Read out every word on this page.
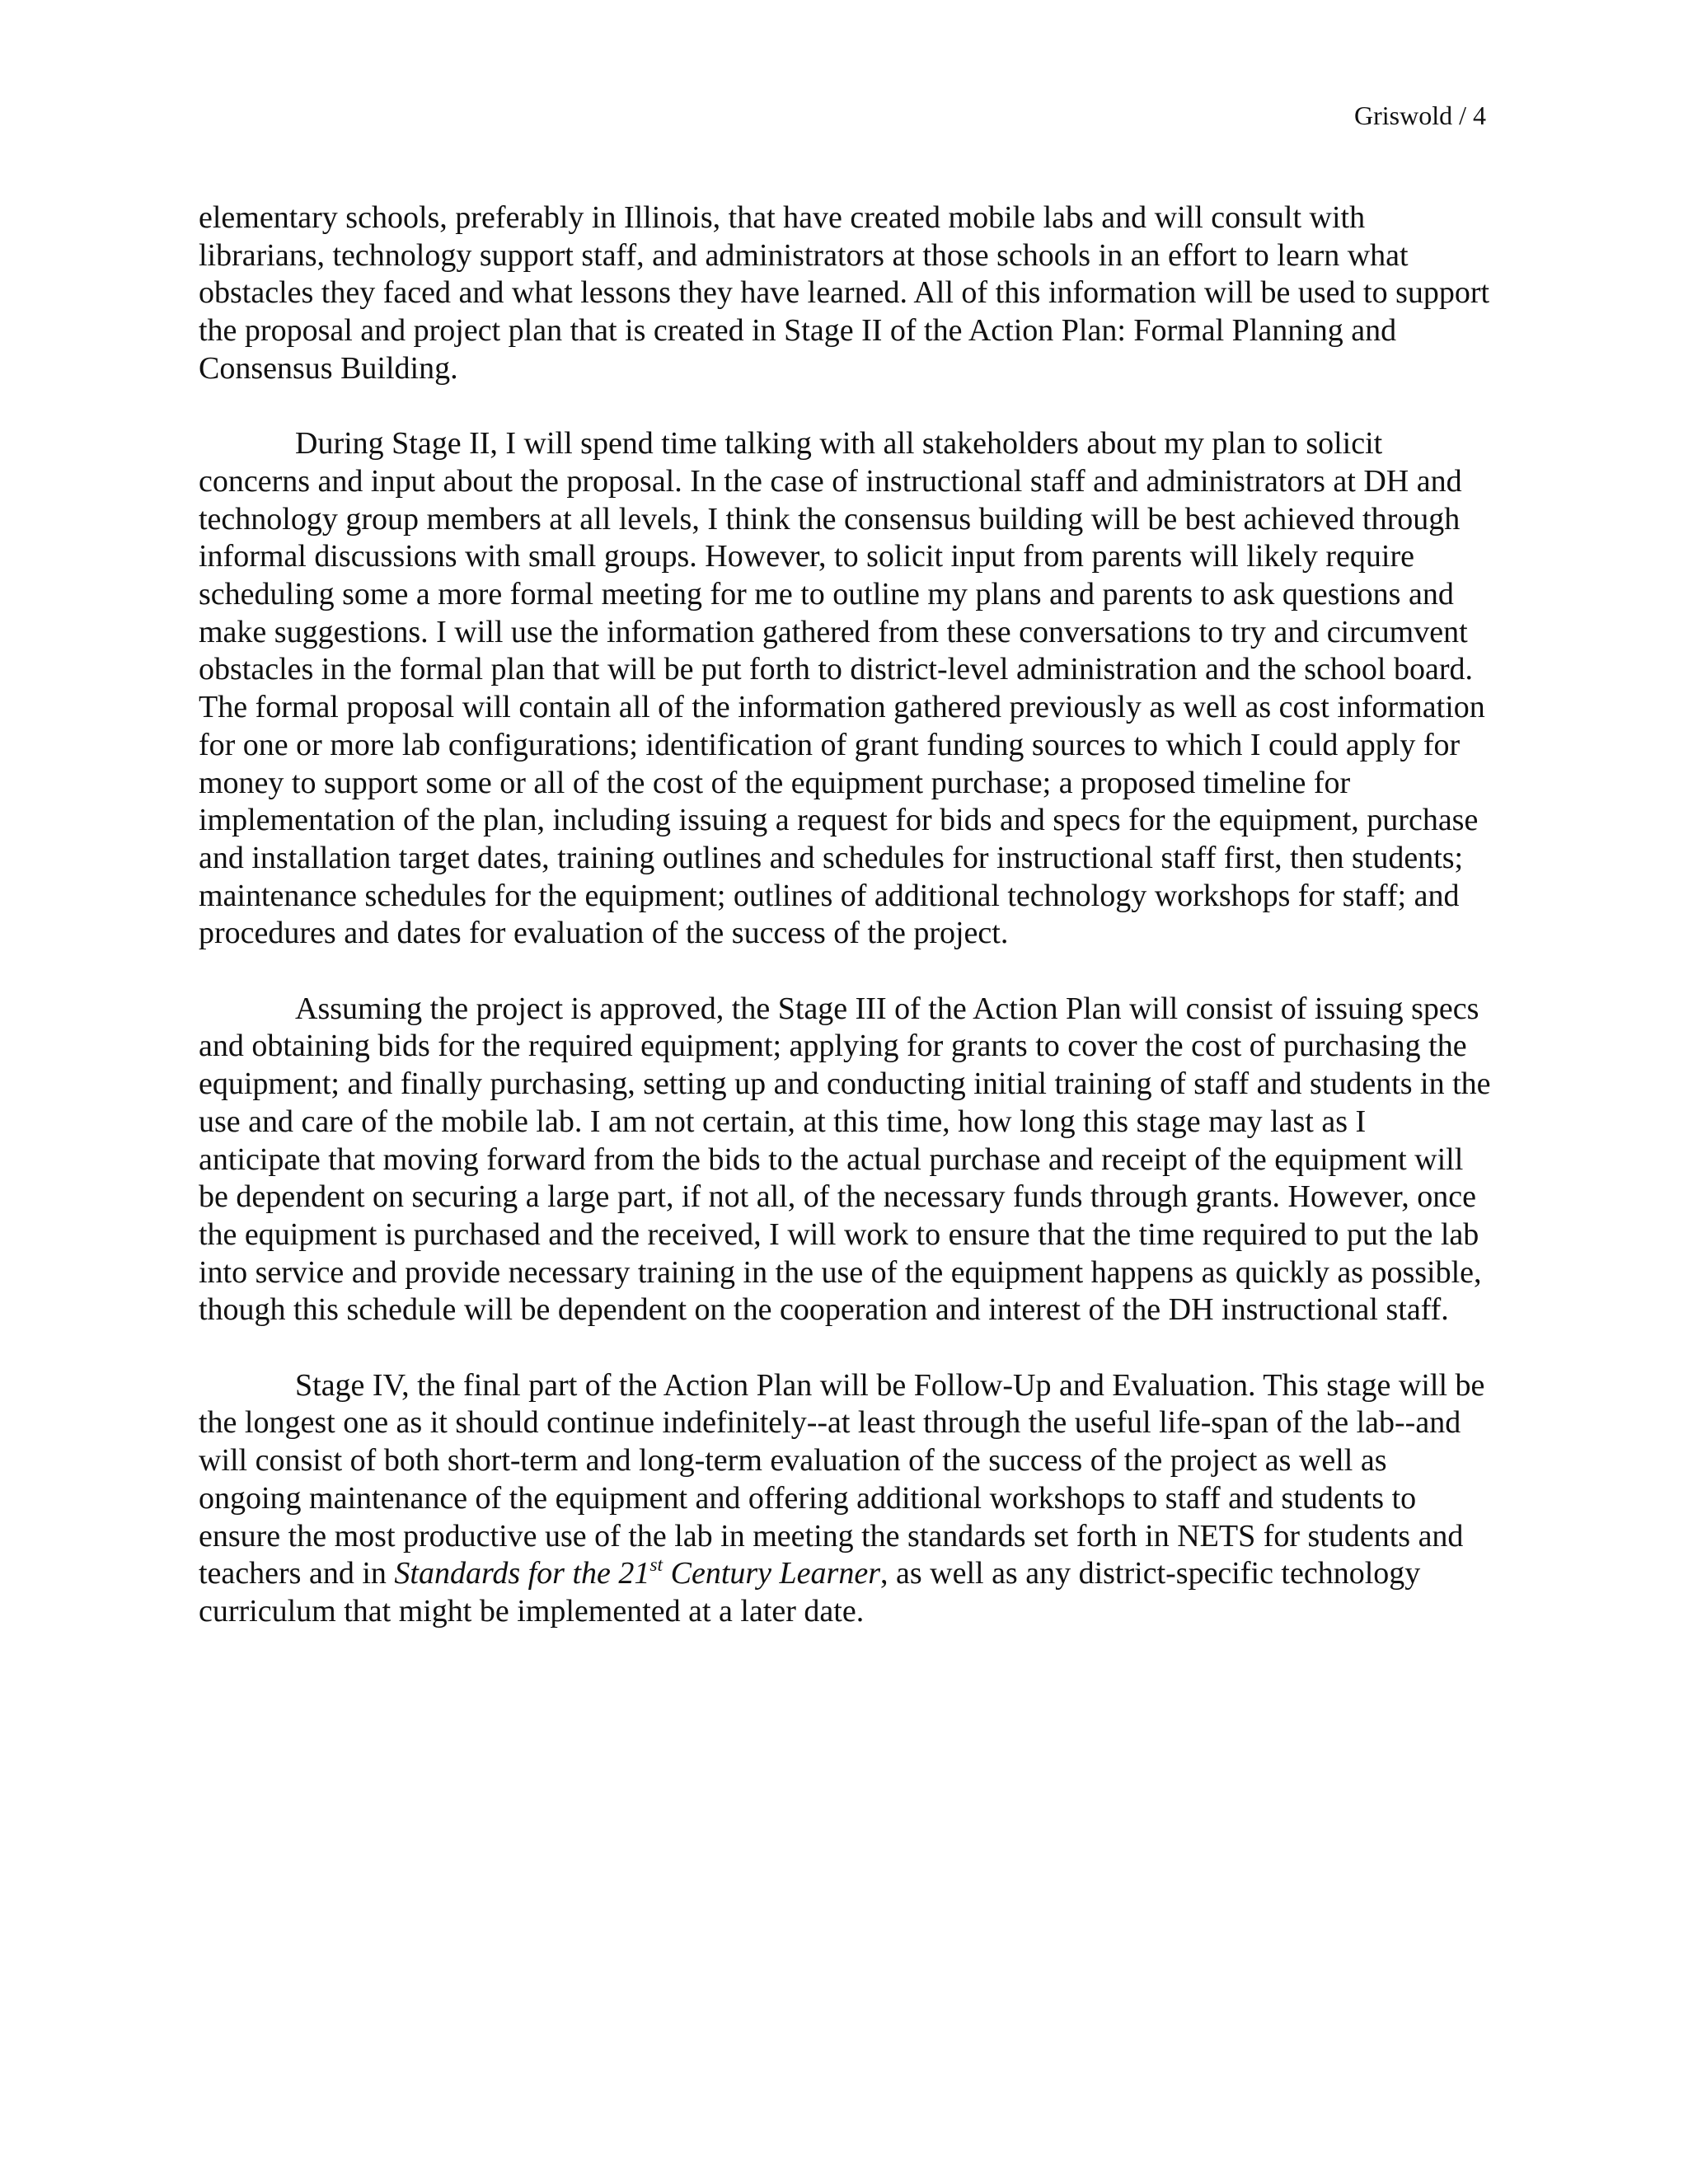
Griswold / 4

elementary schools, preferably in Illinois, that have created mobile labs and will consult with librarians, technology support staff, and administrators at those schools in an effort to learn what obstacles they faced and what lessons they have learned. All of this information will be used to support the proposal and project plan that is created in Stage II of the Action Plan: Formal Planning and Consensus Building.

During Stage II, I will spend time talking with all stakeholders about my plan to solicit concerns and input about the proposal. In the case of instructional staff and administrators at DH and technology group members at all levels, I think the consensus building will be best achieved through informal discussions with small groups. However, to solicit input from parents will likely require scheduling some a more formal meeting for me to outline my plans and parents to ask questions and make suggestions. I will use the information gathered from these conversations to try and circumvent obstacles in the formal plan that will be put forth to district-level administration and the school board. The formal proposal will contain all of the information gathered previously as well as cost information for one or more lab configurations; identification of grant funding sources to which I could apply for money to support some or all of the cost of the equipment purchase; a proposed timeline for implementation of the plan, including issuing a request for bids and specs for the equipment, purchase and installation target dates, training outlines and schedules for instructional staff first, then students; maintenance schedules for the equipment; outlines of additional technology workshops for staff; and procedures and dates for evaluation of the success of the project.

Assuming the project is approved, the Stage III of the Action Plan will consist of issuing specs and obtaining bids for the required equipment; applying for grants to cover the cost of purchasing the equipment; and finally purchasing, setting up and conducting initial training of staff and students in the use and care of the mobile lab. I am not certain, at this time, how long this stage may last as I anticipate that moving forward from the bids to the actual purchase and receipt of the equipment will be dependent on securing a large part, if not all, of the necessary funds through grants. However, once the equipment is purchased and the received, I will work to ensure that the time required to put the lab into service and provide necessary training in the use of the equipment happens as quickly as possible, though this schedule will be dependent on the cooperation and interest of the DH instructional staff.

Stage IV, the final part of the Action Plan will be Follow-Up and Evaluation. This stage will be the longest one as it should continue indefinitely--at least through the useful life-span of the lab--and will consist of both short-term and long-term evaluation of the success of the project as well as ongoing maintenance of the equipment and offering additional workshops to staff and students to ensure the most productive use of the lab in meeting the standards set forth in NETS for students and teachers and in Standards for the 21st Century Learner, as well as any district-specific technology curriculum that might be implemented at a later date.
